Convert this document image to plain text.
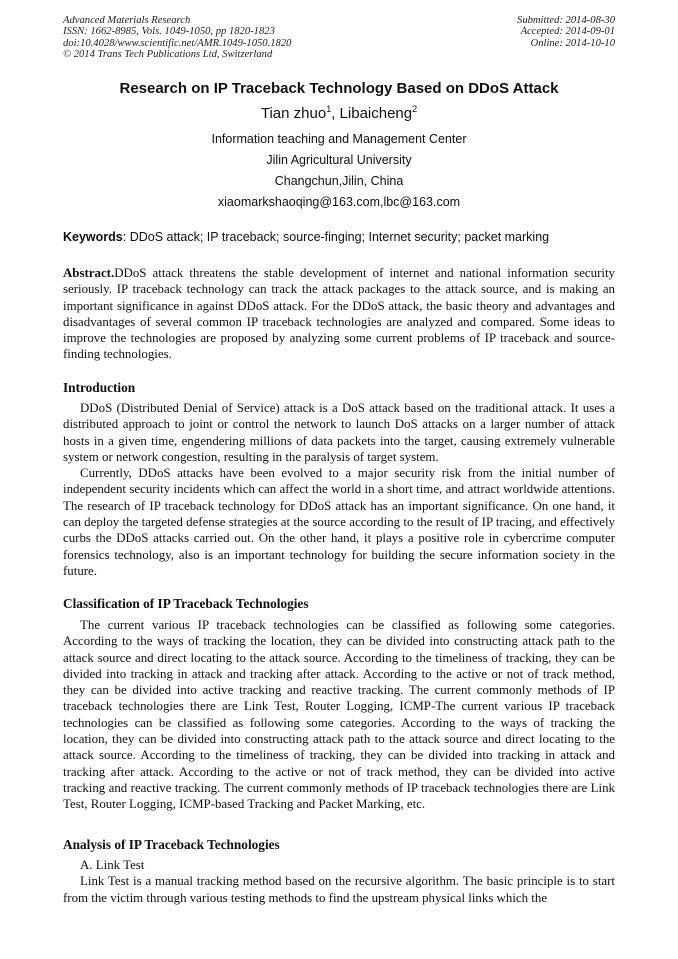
Advanced Materials Research
ISSN: 1662-8985, Vols. 1049-1050, pp 1820-1823
doi:10.4028/www.scientific.net/AMR.1049-1050.1820
© 2014 Trans Tech Publications Ltd, Switzerland
Submitted: 2014-08-30
Accepted: 2014-09-01
Online: 2014-10-10
Research on IP Traceback Technology Based on DDoS Attack
Tian zhuo$^1$, Libaicheng$^2$
Information teaching and Management Center
Jilin Agricultural University
Changchun,Jilin, China
xiaomarkshaoqing@163.com,lbc@163.com
Keywords: DDoS attack; IP traceback; source-finging; Internet security; packet marking

Abstract.DDoS attack threatens the stable development of internet and national information security seriously. IP traceback technology can track the attack packages to the attack source, and is making an important significance in against DDoS attack. For the DDoS attack, the basic theory and advantages and disadvantages of several common IP traceback technologies are analyzed and compared. Some ideas to improve the technologies are proposed by analyzing some current problems of IP traceback and source-finding technologies.

Introduction

DDoS (Distributed Denial of Service) attack is a DoS attack based on the traditional attack. It uses a distributed approach to joint or control the network to launch DoS attacks on a larger number of attack hosts in a given time, engendering millions of data packets into the target, causing extremely vulnerable system or network congestion, resulting in the paralysis of target system.

Currently, DDoS attacks have been evolved to a major security risk from the initial number of independent security incidents which can affect the world in a short time, and attract worldwide attentions. The research of IP traceback technology for DDoS attack has an important significance. On one hand, it can deploy the targeted defense strategies at the source according to the result of IP tracing, and effectively curbs the DDoS attacks carried out. On the other hand, it plays a positive role in cybercrime computer forensics technology, also is an important technology for building the secure information society in the future.

Classification of IP Traceback Technologies

The current various IP traceback technologies can be classified as following some categories. According to the ways of tracking the location, they can be divided into constructing attack path to the attack source and direct locating to the attack source. According to the timeliness of tracking, they can be divided into tracking in attack and tracking after attack. According to the active or not of track method, they can be divided into active tracking and reactive tracking. The current commonly methods of IP traceback technologies there are Link Test, Router Logging, ICMP-The current various IP traceback technologies can be classified as following some categories. According to the ways of tracking the location, they can be divided into constructing attack path to the attack source and direct locating to the attack source. According to the timeliness of tracking, they can be divided into tracking in attack and tracking after attack. According to the active or not of track method, they can be divided into active tracking and reactive tracking. The current commonly methods of IP traceback technologies there are Link Test, Router Logging, ICMP-based Tracking and Packet Marking, etc.

Analysis of IP Traceback Technologies

A. Link Test

Link Test is a manual tracking method based on the recursive algorithm. The basic principle is to start from the victim through various testing methods to find the upstream physical links which the
